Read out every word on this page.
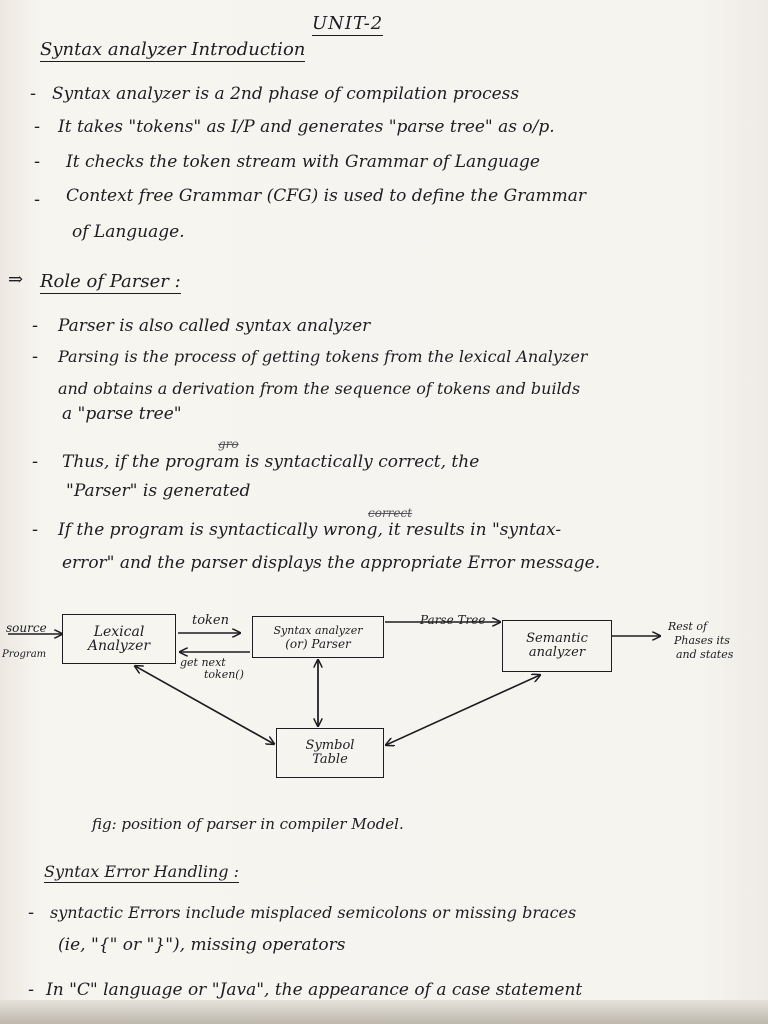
UNIT-2
Syntax analyzer Introduction
- Syntax analyzer is a 2nd phase of compilation process
- It takes "tokens" as I/P and generates "parse tree" as o/p.
- It checks the token stream with Grammar of Language
- Context free Grammar (CFG) is used to define the Grammar
of Language.
⇒ Role of Parser :
- Parser is also called syntax analyzer
- Parsing is the process of getting tokens from the lexical Analyzer
and obtains a derivation from the sequence of tokens and builds
a "parse tree"
- Thus, if the program is syntactically correct, the
"Parser" is generated
gro
- If the program is syntactically wrong, it results in "syntax-
correct
error" and the parser displays the appropriate Error message.
source
Program
Lexical
Analyzer
token
get next
token()
Syntax analyzer
(or) Parser
Parse Tree
Semantic
analyzer
Rest of
Phases its
and states
Symbol
Table
fig: position of parser in compiler Model.
Syntax Error Handling :
- syntactic Errors include misplaced semicolons or missing braces
(ie, "{" or "}"), missing operators
- In "C" language or "Java", the appearance of a case statement
